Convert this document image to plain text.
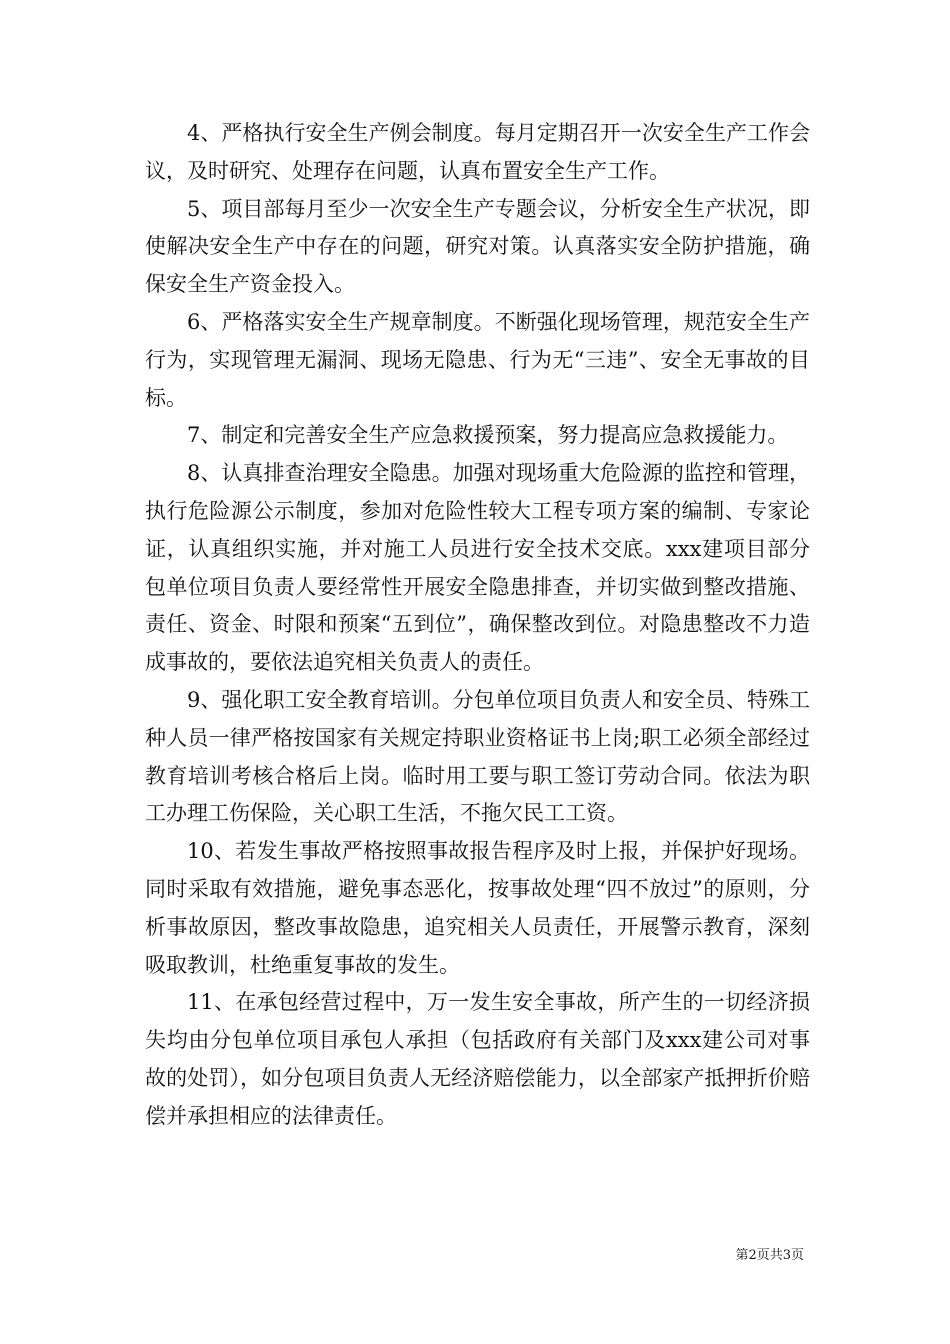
4、严格执行安全生产例会制度。每月定期召开一次安全生产工作会议，及时研究、处理存在问题，认真布置安全生产工作。

5、项目部每月至少一次安全生产专题会议，分析安全生产状况，即使解决安全生产中存在的问题，研究对策。认真落实安全防护措施，确保安全生产资金投入。

6、严格落实安全生产规章制度。不断强化现场管理，规范安全生产行为，实现管理无漏洞、现场无隐患、行为无“三违”、安全无事故的目标。

7、制定和完善安全生产应急救援预案，努力提高应急救援能力。

8、认真排查治理安全隐患。加强对现场重大危险源的监控和管理，执行危险源公示制度，参加对危险性较大工程专项方案的编制、专家论证，认真组织实施，并对施工人员进行安全技术交底。xxx建项目部分包单位项目负责人要经常性开展安全隐患排查，并切实做到整改措施、责任、资金、时限和预案“五到位”，确保整改到位。对隐患整改不力造成事故的，要依法追究相关负责人的责任。

9、强化职工安全教育培训。分包单位项目负责人和安全员、特殊工种人员一律严格按国家有关规定持职业资格证书上岗;职工必须全部经过教育培训考核合格后上岗。临时用工要与职工签订劳动合同。依法为职工办理工伤保险，关心职工生活，不拖欠民工工资。

10、若发生事故严格按照事故报告程序及时上报，并保护好现场。同时采取有效措施，避免事态恶化，按事故处理“四不放过”的原则，分析事故原因，整改事故隐患，追究相关人员责任，开展警示教育，深刻吸取教训，杜绝重复事故的发生。

11、在承包经营过程中，万一发生安全事故，所产生的一切经济损失均由分包单位项目承包人承担（包括政府有关部门及xxx建公司对事故的处罚），如分包项目负责人无经济赔偿能力，以全部家产抵押折价赔偿并承担相应的法律责任。

第2页共3页
